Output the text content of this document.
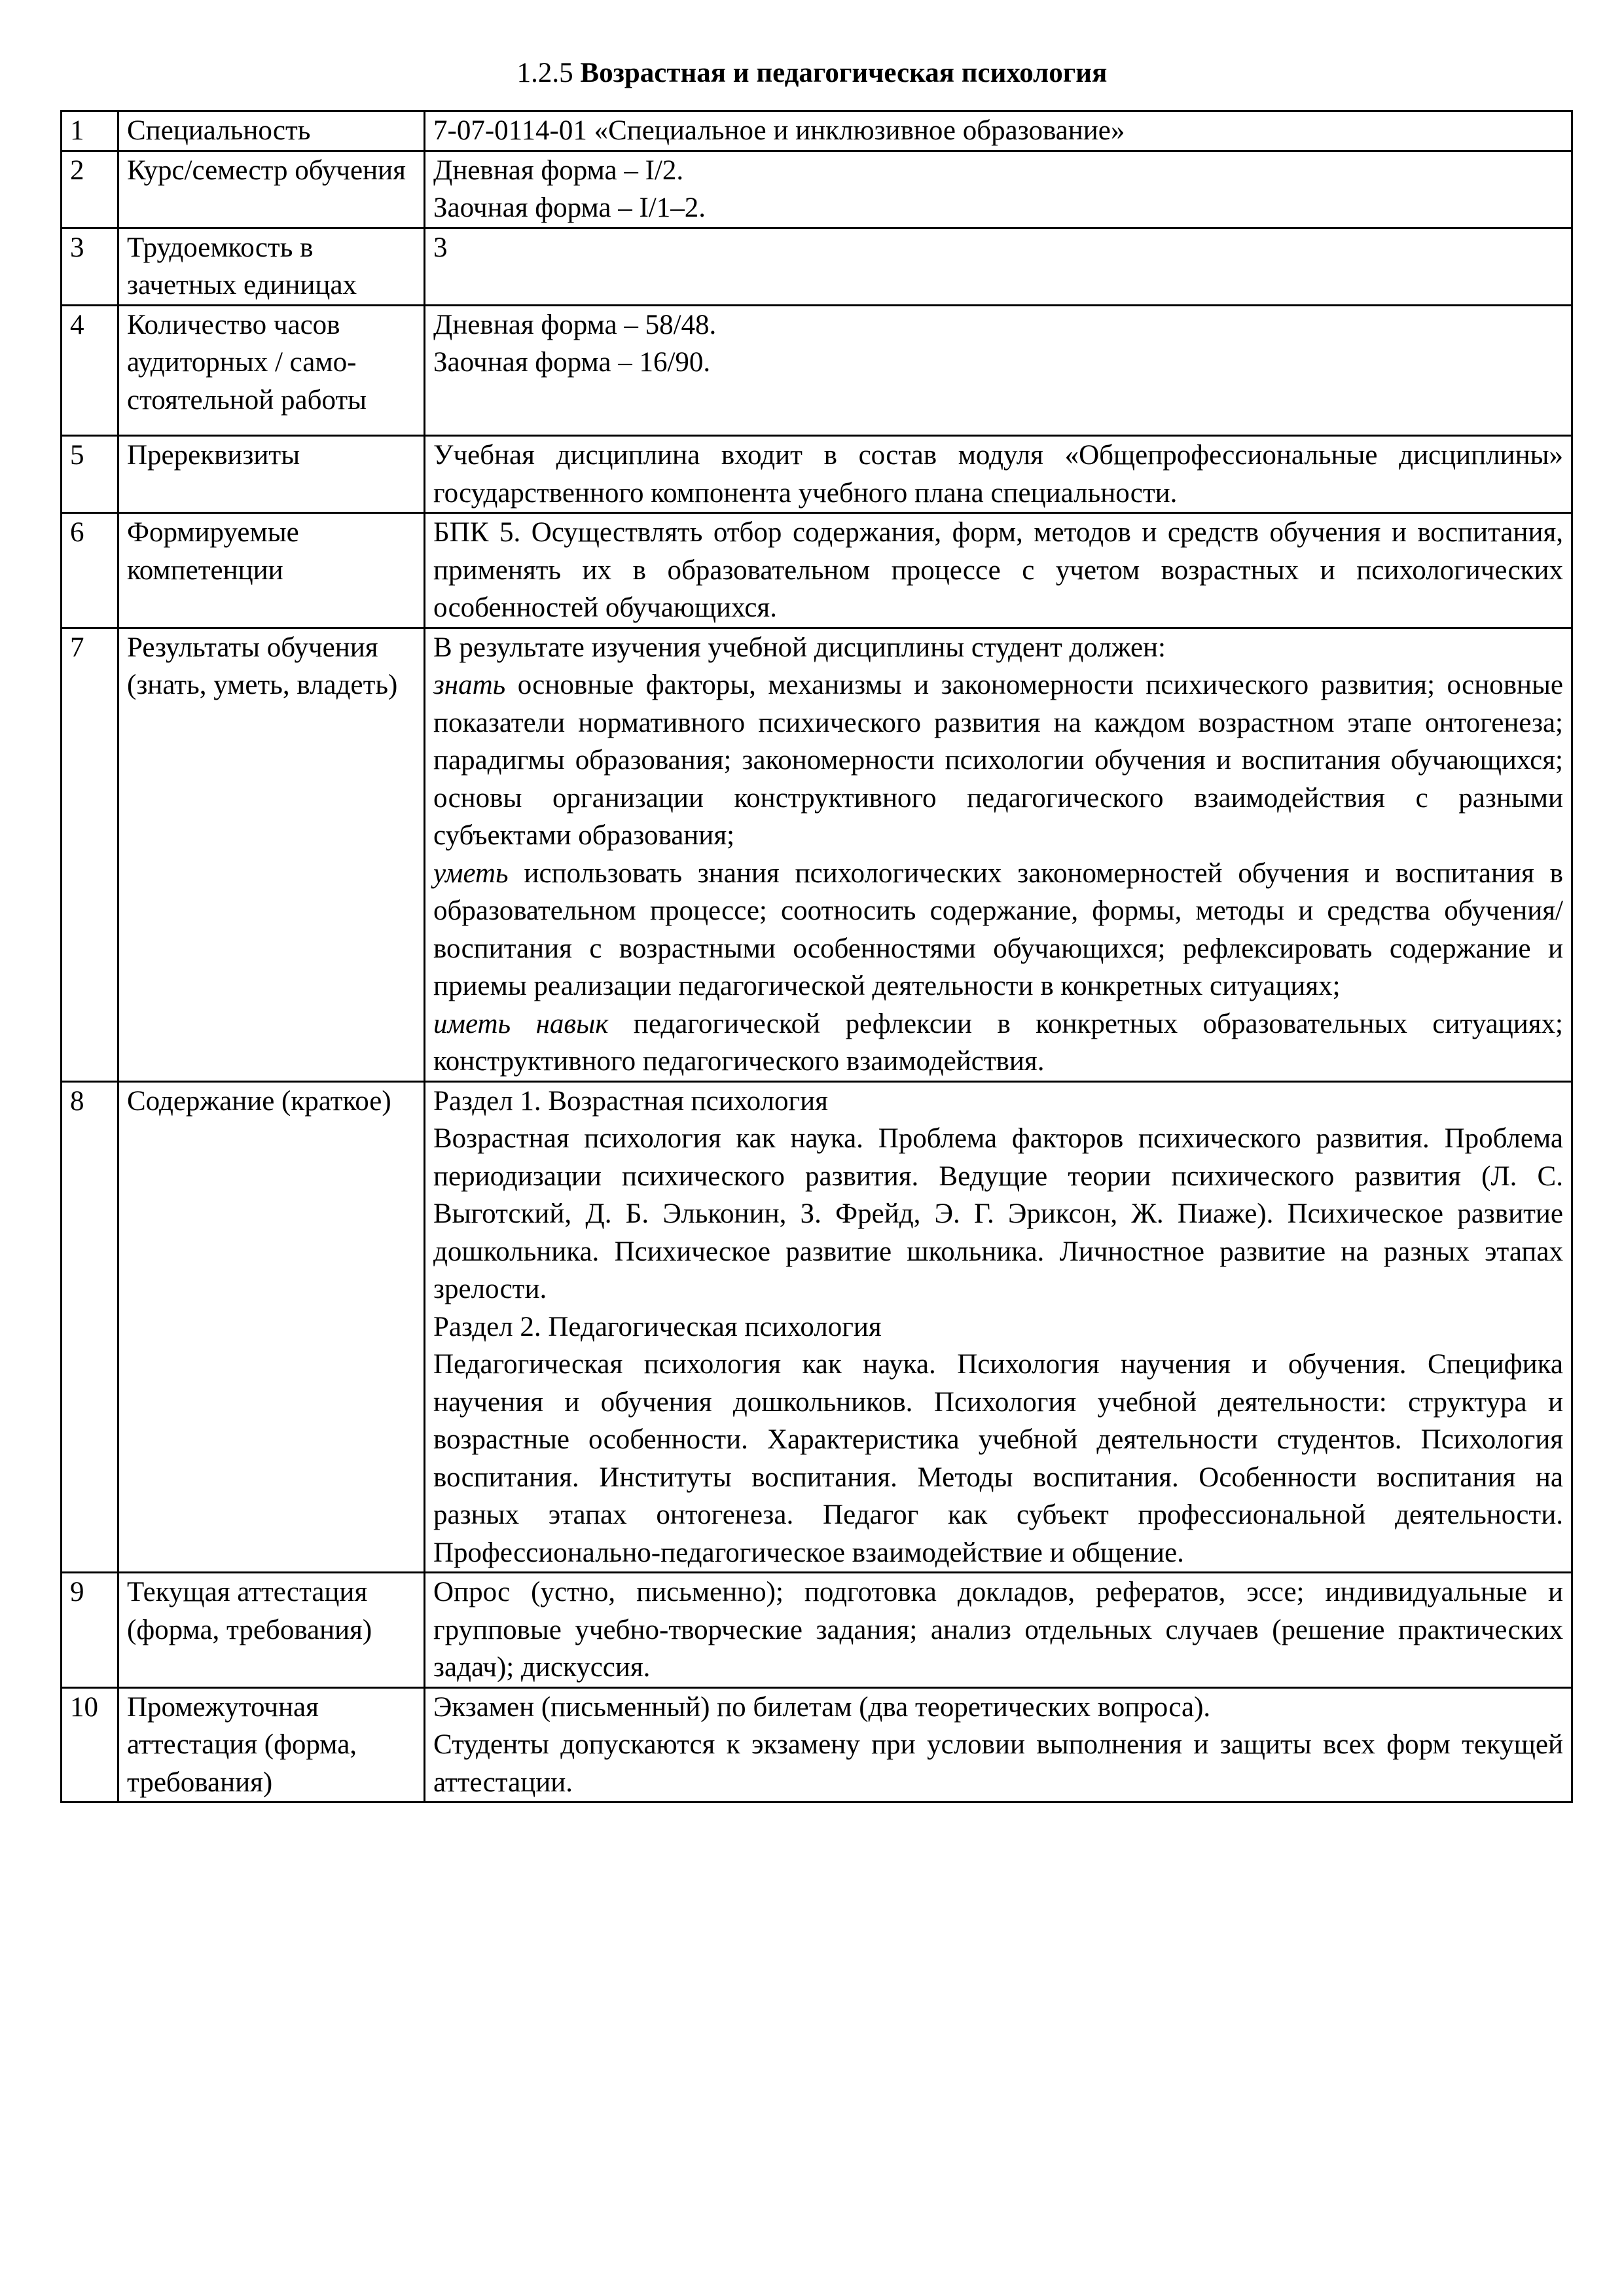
1.2.5 Возрастная и педагогическая психология
1	Специальность	7-07-0114-01 «Специальное и инклюзивное образование»

2	Курс/семестр обучения	Дневная форма – I/2.

Заочная форма – I/1–2.

3	Трудоемкость в зачетных единицах	3

4	Количество часов аудиторных / само-стоятельной работы	Дневная форма – 58/48.

Заочная форма – 16/90.

5	Пререквизиты	Учебная дисциплина входит в состав модуля «Общепрофессиональные дисциплины» государственного компонента учебного плана специальности.

6	Формируемые компетенции	БПК 5. Осуществлять отбор содержания, форм, методов и средств обучения и воспитания, применять их в образовательном процессе с учетом возрастных и психологических особенностей обучающихся.

7	Результаты обучения (знать, уметь, владеть)	В результате изучения учебной дисциплины студент должен:

знать основные факторы, механизмы и закономерности психического развития; основные показатели нормативного психического развития на каждом возрастном этапе онтогенеза; парадигмы образования; закономерности психологии обучения и воспитания обучающихся; основы организации конструктивного педагогического взаимодействия с разными субъектами образования;

уметь использовать знания психологических закономерностей обучения и воспитания в образовательном процессе; соотносить содержание, формы, методы и средства обучения/воспитания с возрастными особенностями обучающихся; рефлексировать содержание и приемы реализации педагогической деятельности в конкретных ситуациях;

иметь навык педагогической рефлексии в конкретных образовательных ситуациях; конструктивного педагогического взаимодействия.

8	Содержание (краткое)	Раздел 1. Возрастная психология

Возрастная психология как наука. Проблема факторов психического развития. Проблема периодизации психического развития. Ведущие теории психического развития (Л. С. Выготский, Д. Б. Эльконин, З. Фрейд, Э. Г. Эриксон, Ж. Пиаже). Психическое развитие дошкольника. Психическое развитие школьника. Личностное развитие на разных этапах зрелости.

Раздел 2. Педагогическая психология

Педагогическая психология как наука. Психология научения и обучения. Специфика научения и обучения дошкольников. Психология учебной деятельности: структура и возрастные особенности. Характеристика учебной деятельности студентов. Психология воспитания. Институты воспитания. Методы воспитания. Особенности воспитания на разных этапах онтогенеза. Педагог как субъект профессиональной деятельности. Профессионально-педагогическое взаимодействие и общение.

9	Текущая аттестация (форма, требования)	Опрос (устно, письменно); подготовка докладов, рефератов, эссе; индивидуальные и групповые учебно-творческие задания; анализ отдельных случаев (решение практических задач); дискуссия.

10	Промежуточная аттестация (форма, требования)	Экзамен (письменный) по билетам (два теоретических вопроса).

Студенты допускаются к экзамену при условии выполнения и защиты всех форм текущей аттестации.
